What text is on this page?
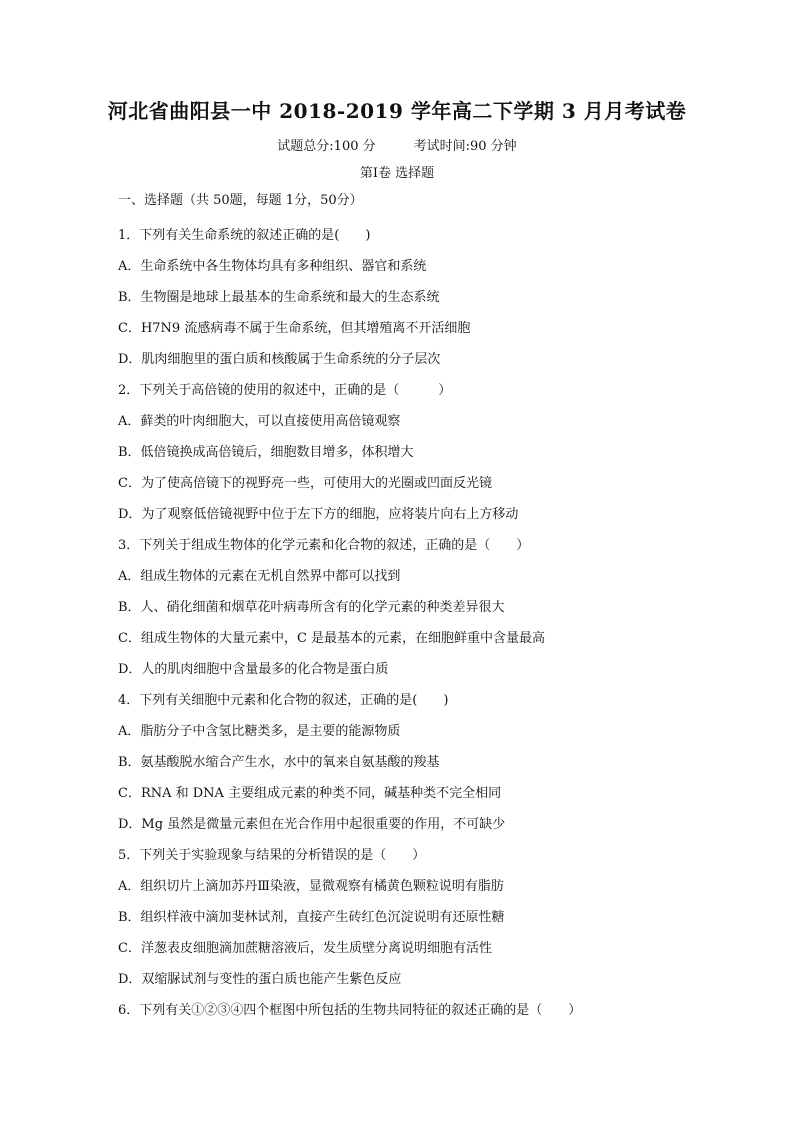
河北省曲阳县一中 2018-2019 学年高二下学期 3 月月考试卷
试题总分:100 分	考试时间:90 分钟
第Ⅰ卷 选择题
一、选择题（共 50题，每题 1分，50分）
1．下列有关生命系统的叙述正确的是(　　)
A．生命系统中各生物体均具有多种组织、器官和系统
B．生物圈是地球上最基本的生命系统和最大的生态系统
C．H7N9 流感病毒不属于生命系统，但其增殖离不开活细胞
D．肌肉细胞里的蛋白质和核酸属于生命系统的分子层次
2．下列关于高倍镜的使用的叙述中，正确的是（　　　）
A．藓类的叶肉细胞大，可以直接使用高倍镜观察
B．低倍镜换成高倍镜后，细胞数目增多，体积增大
C．为了使高倍镜下的视野亮一些，可使用大的光圈或凹面反光镜
D．为了观察低倍镜视野中位于左下方的细胞，应将装片向右上方移动
3．下列关于组成生物体的化学元素和化合物的叙述，正确的是（　　）
A．组成生物体的元素在无机自然界中都可以找到
B．人、硝化细菌和烟草花叶病毒所含有的化学元素的种类差异很大
C．组成生物体的大量元素中，C 是最基本的元素，在细胞鲜重中含量最高
D．人的肌肉细胞中含量最多的化合物是蛋白质
4．下列有关细胞中元素和化合物的叙述，正确的是(　　)
A．脂肪分子中含氢比糖类多，是主要的能源物质
B．氨基酸脱水缩合产生水，水中的氧来自氨基酸的羧基
C．RNA 和 DNA 主要组成元素的种类不同，碱基种类不完全相同
D．Mg 虽然是微量元素但在光合作用中起很重要的作用，不可缺少
5．下列关于实验现象与结果的分析错误的是（　　）
A．组织切片上滴加苏丹Ⅲ染液，显微观察有橘黄色颗粒说明有脂肪
B．组织样液中滴加斐林试剂，直接产生砖红色沉淀说明有还原性糖
C．洋葱表皮细胞滴加蔗糖溶液后，发生质壁分离说明细胞有活性
D．双缩脲试剂与变性的蛋白质也能产生紫色反应
6．下列有关①②③④四个框图中所包括的生物共同特征的叙述正确的是（　　）
